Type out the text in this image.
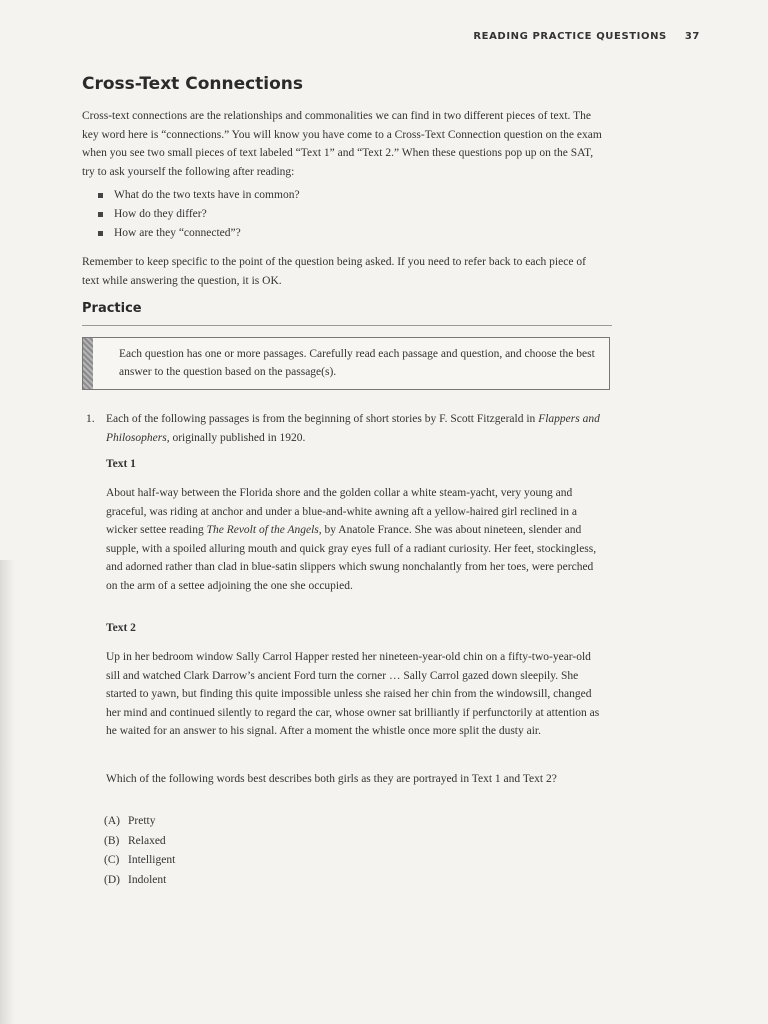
READING PRACTICE QUESTIONS 37
Cross-Text Connections

Cross-text connections are the relationships and commonalities we can find in two different pieces of text. The key word here is “connections.” You will know you have come to a Cross-Text Connection question on the exam when you see two small pieces of text labeled “Text 1” and “Text 2.” When these questions pop up on the SAT, try to ask yourself the following after reading:

What do the two texts have in common?
How do they differ?
How are they “connected”?

Remember to keep specific to the point of the question being asked. If you need to refer back to each piece of text while answering the question, it is OK.

Practice

Each question has one or more passages. Carefully read each passage and question, and choose the best answer to the question based on the passage(s).

1. Each of the following passages is from the beginning of short stories by F. Scott Fitzgerald in Flappers and Philosophers, originally published in 1920.

Text 1

About half-way between the Florida shore and the golden collar a white steam-yacht, very young and graceful, was riding at anchor and under a blue-and-white awning aft a yellow-haired girl reclined in a wicker settee reading The Revolt of the Angels, by Anatole France. She was about nineteen, slender and supple, with a spoiled alluring mouth and quick gray eyes full of a radiant curiosity. Her feet, stockingless, and adorned rather than clad in blue-satin slippers which swung nonchalantly from her toes, were perched on the arm of a settee adjoining the one she occupied.

Text 2

Up in her bedroom window Sally Carrol Happer rested her nineteen-year-old chin on a fifty-two-year-old sill and watched Clark Darrow’s ancient Ford turn the corner … Sally Carrol gazed down sleepily. She started to yawn, but finding this quite impossible unless she raised her chin from the windowsill, changed her mind and continued silently to regard the car, whose owner sat brilliantly if perfunctorily at attention as he waited for an answer to his signal. After a moment the whistle once more split the dusty air.

Which of the following words best describes both girls as they are portrayed in Text 1 and Text 2?

(A) Pretty
(B) Relaxed
(C) Intelligent
(D) Indolent
